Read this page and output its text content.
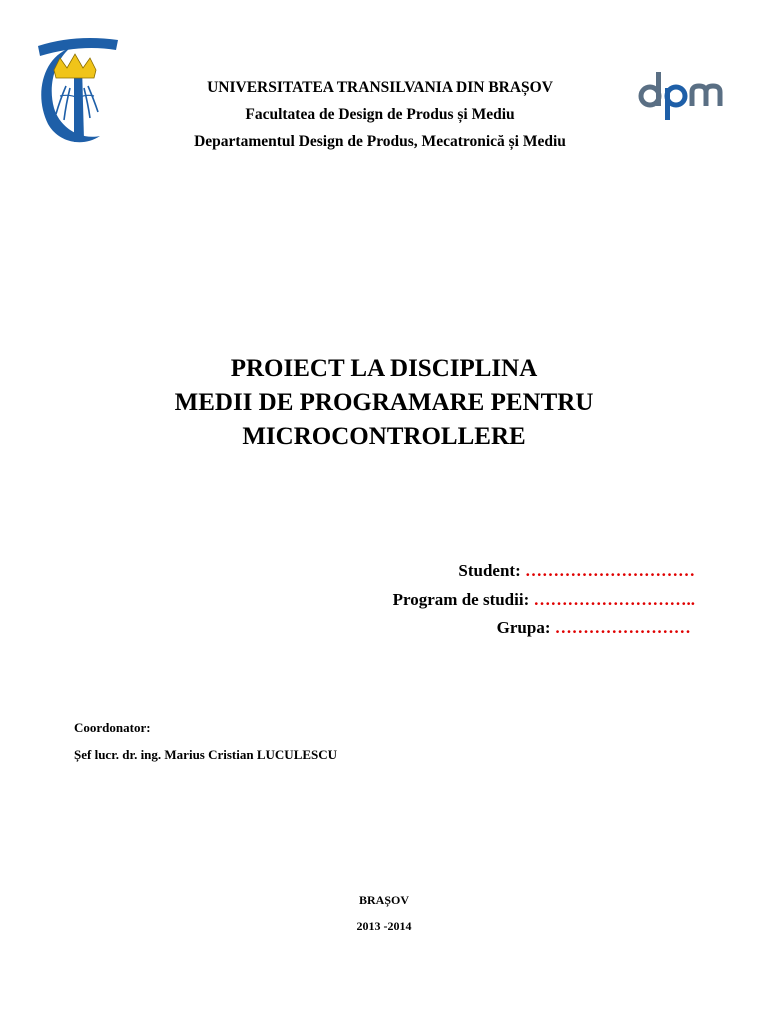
UNIVERSITATEA TRANSILVANIA DIN BRAȘOV
Facultatea de Design de Produs și Mediu
Departamentul Design de Produs, Mecatronică și Mediu
PROIECT LA DISCIPLINA
MEDII DE PROGRAMARE PENTRU
MICROCONTROLLERE
Student: …………………………
Program de studii: ………………………..
Grupa: ……………………
Coordonator:
Șef lucr. dr. ing. Marius Cristian LUCULESCU
BRAȘOV
2013 -2014
